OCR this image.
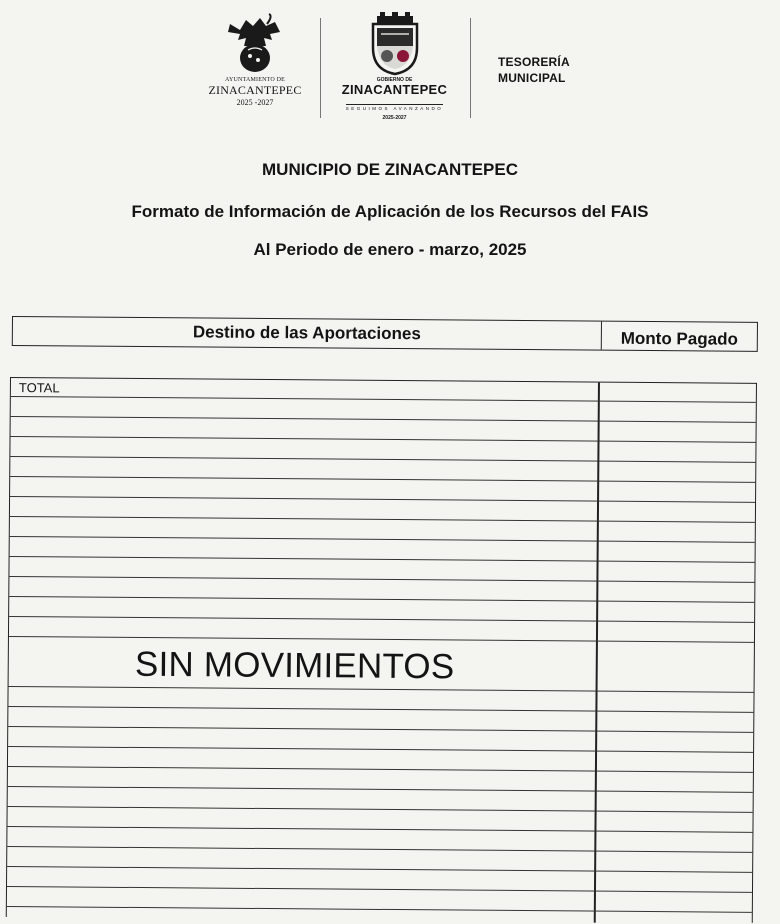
AYUNTAMIENTO DE
ZINACANTEPEC
2025 -2027
GOBIERNO DE
ZINACANTEPEC
SEGUIMOS AVANZANDO
2025-2027
TESORERÍA
MUNICIPAL
MUNICIPIO DE ZINACANTEPEC
Formato de Información de Aplicación de los Recursos del FAIS
Al Periodo de enero - marzo, 2025
Destino de las Aportaciones	Monto Pagado
TOTAL
SIN MOVIMIENTOS
